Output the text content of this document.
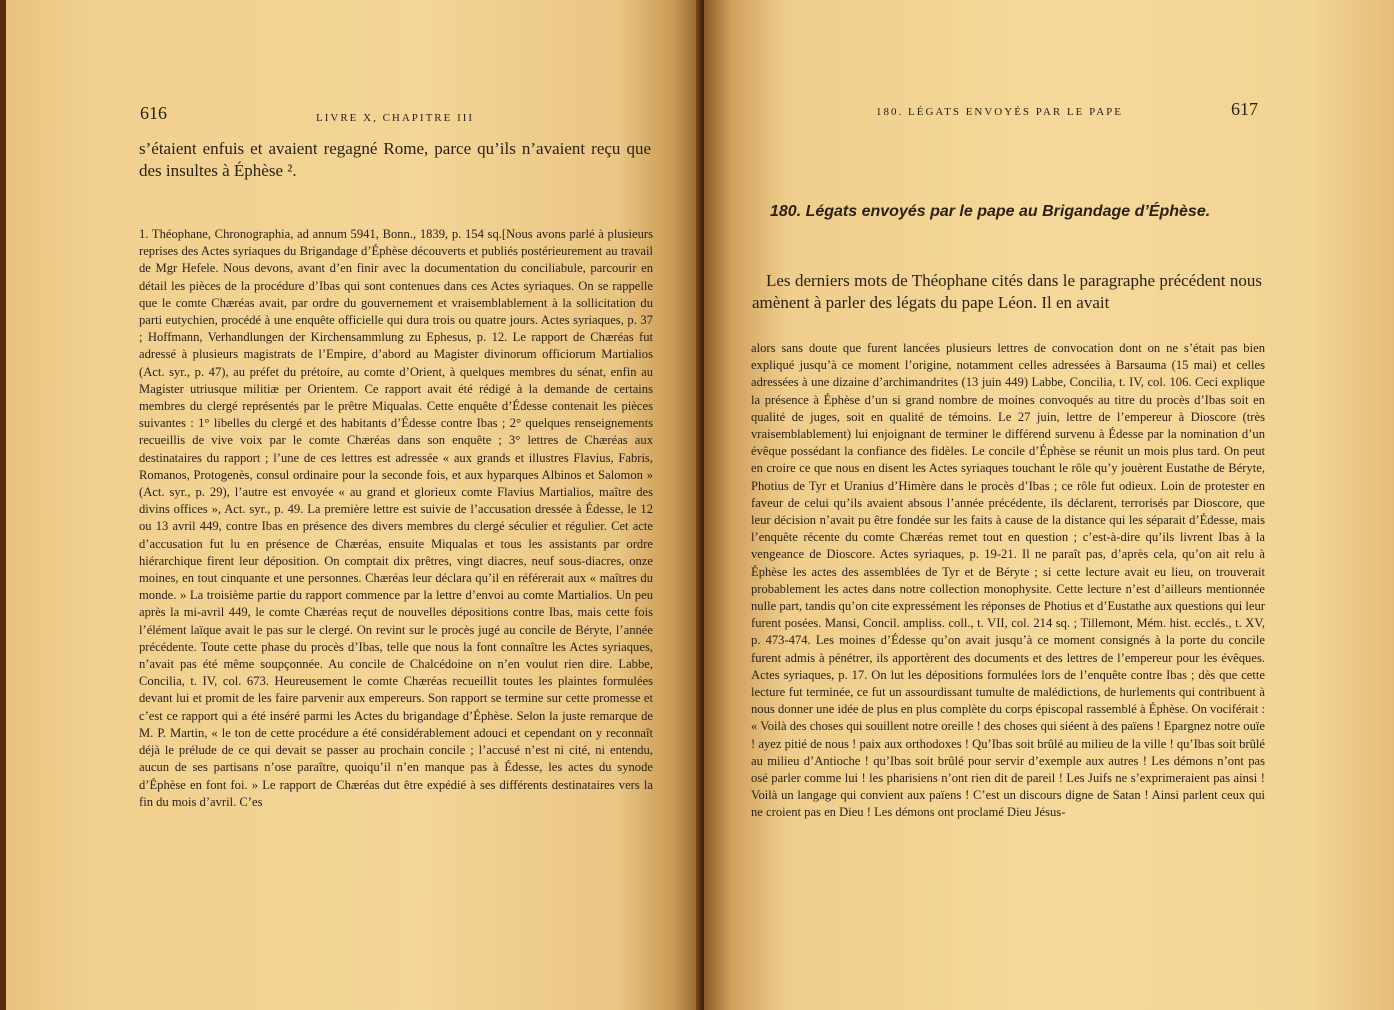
616	LIVRE X, CHAPITRE III

s’étaient enfuis et avaient regagné Rome, parce qu’ils n’avaient reçu que des insultes à Éphèse ².

1. Théophane, Chronographia, ad annum 5941, Bonn., 1839, p. 154 sq.[Nous avons parlé à plusieurs reprises des Actes syriaques du Brigandage d’Éphèse découverts et publiés postérieurement au travail de Mgr Hefele. Nous devons, avant d’en finir avec la documentation du conciliabule, parcourir en détail les pièces de la procédure d’Ibas qui sont contenues dans ces Actes syriaques. On se rappelle que le comte Chæréas avait, par ordre du gouvernement et vraisemblablement à la sollicitation du parti eutychien, procédé à une enquête officielle qui dura trois ou quatre jours. Actes syriaques, p. 37 ; Hoffmann, Verhandlungen der Kirchensammlung zu Ephesus, p. 12. Le rapport de Chæréas fut adressé à plusieurs magistrats de l’Empire, d’abord au Magister divinorum officiorum Martialios (Act. syr., p. 47), au préfet du prétoire, au comte d’Orient, à quelques membres du sénat, enfin au Magister utriusque militiæ per Orientem. Ce rapport avait été rédigé à la demande de certains membres du clergé représentés par le prêtre Miqualas. Cette enquête d’Édesse contenait les pièces suivantes : 1° libelles du clergé et des habitants d’Édesse contre Ibas ; 2° quelques renseignements recueillis de vive voix par le comte Chæréas dans son enquête ; 3° lettres de Chæréas aux destinataires du rapport ; l’une de ces lettres est adressée « aux grands et illustres Flavius, Fabris, Romanos, Protogenès, consul ordinaire pour la seconde fois, et aux hyparques Albinos et Salomon » (Act. syr., p. 29), l’autre est envoyée « au grand et glorieux comte Flavius Martialios, maître des divins offices », Act. syr., p. 49. La première lettre est suivie de l’accusation dressée à Édesse, le 12 ou 13 avril 449, contre Ibas en présence des divers membres du clergé séculier et régulier. Cet acte d’accusation fut lu en présence de Chæréas, ensuite Miqualas et tous les assistants par ordre hiérarchique firent leur déposition. On comptait dix prêtres, vingt diacres, neuf sous-diacres, onze moines, en tout cinquante et une personnes. Chæréas leur déclara qu’il en référerait aux « maîtres du monde. » La troisième partie du rapport commence par la lettre d’envoi au comte Martialios. Un peu après la mi-avril 449, le comte Chæréas reçut de nouvelles dépositions contre Ibas, mais cette fois l’élément laïque avait le pas sur le clergé. On revint sur le procès jugé au concile de Béryte, l’année précédente. Toute cette phase du procès d’Ibas, telle que nous la font connaître les Actes syriaques, n’avait pas été même soupçonnée. Au concile de Chalcédoine on n’en voulut rien dire. Labbe, Concilia, t. IV, col. 673. Heureusement le comte Chæréas recueillit toutes les plaintes formulées devant lui et promit de les faire parvenir aux empereurs. Son rapport se termine sur cette promesse et c’est ce rapport qui a été inséré parmi les Actes du brigandage d’Éphèse. Selon la juste remarque de M. P. Martin, « le ton de cette procédure a été considérablement adouci et cependant on y reconnaît déjà le prélude de ce qui devait se passer au prochain concile ; l’accusé n’est ni cité, ni entendu, aucun de ses partisans n’ose paraître, quoiqu’il n’en manque pas à Édesse, les actes du synode d’Éphèse en font foi. » Le rapport de Chæréas dut être expédié à ses différents destinataires vers la fin du mois d’avril. C’es

180. LÉGATS ENVOYÉS PAR LE PAPE	617
180. Légats envoyés par le pape au Brigandage d’Éphèse.

Les derniers mots de Théophane cités dans le paragraphe précédent nous amènent à parler des légats du pape Léon. Il en avait

alors sans doute que furent lancées plusieurs lettres de convocation dont on ne s’était pas bien expliqué jusqu’à ce moment l’origine, notamment celles adressées à Barsauma (15 mai) et celles adressées à une dizaine d’archimandrites (13 juin 449) Labbe, Concilia, t. IV, col. 106. Ceci explique la présence à Éphèse d’un si grand nombre de moines convoqués au titre du procès d’Ibas soit en qualité de juges, soit en qualité de témoins. Le 27 juin, lettre de l’empereur à Dioscore (très vraisemblablement) lui enjoignant de terminer le différend survenu à Édesse par la nomination d’un évêque possédant la confiance des fidèles. Le concile d’Éphèse se réunit un mois plus tard. On peut en croire ce que nous en disent les Actes syriaques touchant le rôle qu’y jouèrent Eustathe de Béryte, Photius de Tyr et Uranius d’Himère dans le procès d’Ibas ; ce rôle fut odieux. Loin de protester en faveur de celui qu’ils avaient absous l’année précédente, ils déclarent, terrorisés par Dioscore, que leur décision n’avait pu être fondée sur les faits à cause de la distance qui les séparait d’Édesse, mais l’enquête récente du comte Chæréas remet tout en question ; c’est-à-dire qu’ils livrent Ibas à la vengeance de Dioscore. Actes syriaques, p. 19-21. Il ne paraît pas, d’après cela, qu’on ait relu à Éphèse les actes des assemblées de Tyr et de Béryte ; si cette lecture avait eu lieu, on trouverait probablement les actes dans notre collection monophysite. Cette lecture n’est d’ailleurs mentionnée nulle part, tandis qu’on cite expressément les réponses de Photius et d’Eustathe aux questions qui leur furent posées. Mansi, Concil. ampliss. coll., t. VII, col. 214 sq. ; Tillemont, Mém. hist. ecclés., t. XV, p. 473-474. Les moines d’Édesse qu’on avait jusqu’à ce moment consignés à la porte du concile furent admis à pénétrer, ils apportèrent des documents et des lettres de l’empereur pour les évêques. Actes syriaques, p. 17. On lut les dépositions formulées lors de l’enquête contre Ibas ; dès que cette lecture fut terminée, ce fut un assourdissant tumulte de malédictions, de hurlements qui contribuent à nous donner une idée de plus en plus complète du corps épiscopal rassemblé à Éphèse. On vociférait : « Voilà des choses qui souillent notre oreille ! des choses qui siéent à des païens ! Epargnez notre ouïe ! ayez pitié de nous ! paix aux orthodoxes ! Qu’Ibas soit brûlé au milieu de la ville ! qu’Ibas soit brûlé au milieu d’Antioche ! qu’Ibas soit brûlé pour servir d’exemple aux autres ! Les démons n’ont pas osé parler comme lui ! les pharisiens n’ont rien dit de pareil ! Les Juifs ne s’exprimeraient pas ainsi ! Voilà un langage qui convient aux païens ! C’est un discours digne de Satan ! Ainsi parlent ceux qui ne croient pas en Dieu ! Les démons ont proclamé Dieu Jésus-
